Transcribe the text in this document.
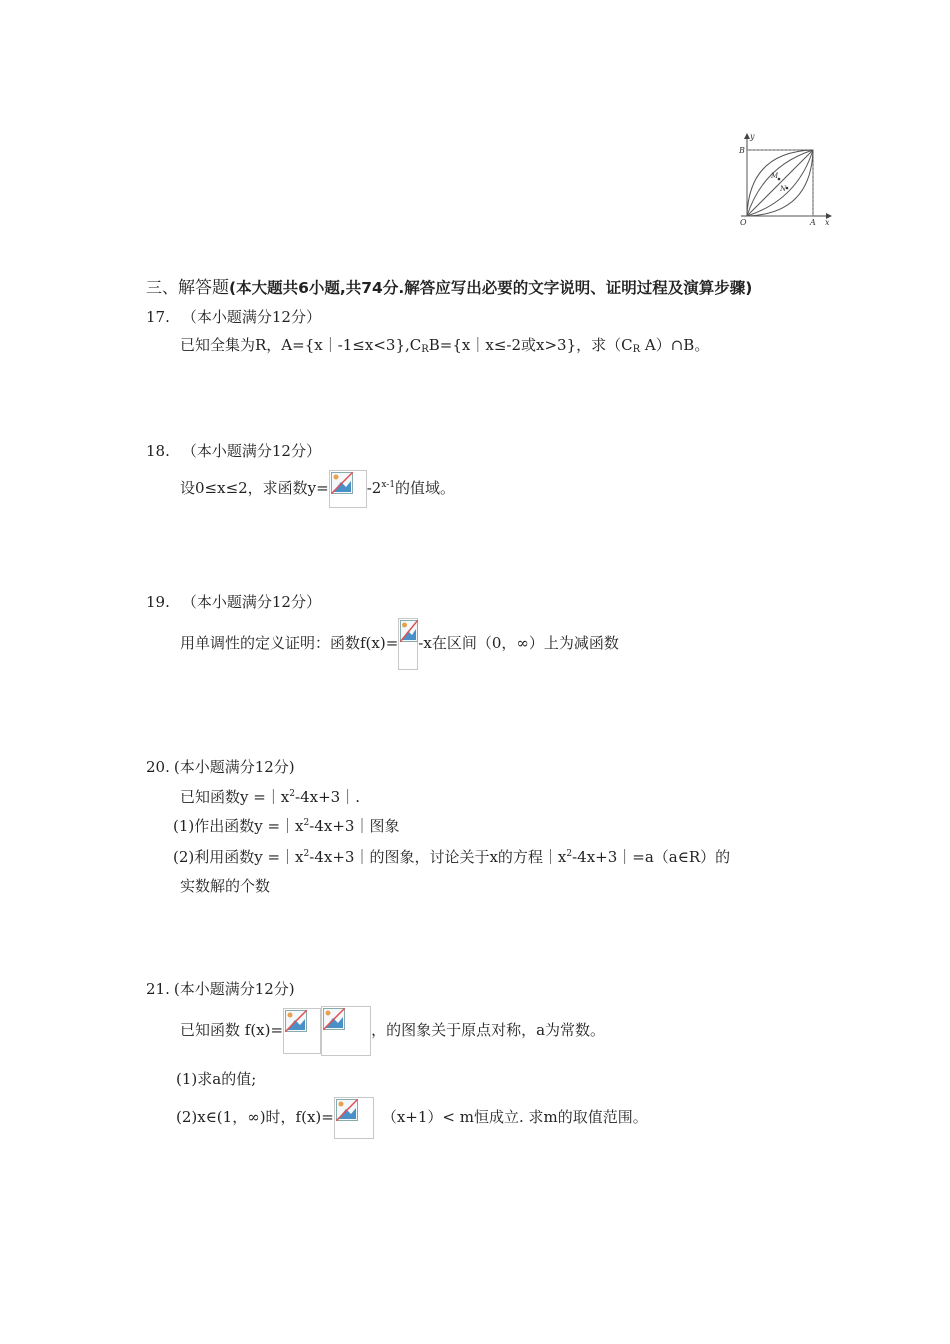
y
x
O
B
A
M
N
三、解答题(本大题共6小题,共74分.解答应写出必要的文字说明、证明过程及演算步骤)
17. （本小题满分12分）
已知全集为R，$A=\{x|-1\le x<3\},C_RB=\{x|x\le-2$或x>3}，求（$C_R$ A）∩B。
18. （本小题满分12分）
设0≤x≤2，求函数y=	$-2^{x-1}$的值域。
19. （本小题满分12分）
用单调性的定义证明：函数f(x)= -x在区间（0，∞）上为减函数
20. (本小题满分12分)
已知函数$y =|x^2-4x+3|$.
(1)作出函数$y =|x^2-4x+3|$图象
(2)利用函数$y =|x^2-4x+3|$的图象，讨论关于x的方程$|x^2-4x+3|=a(a\in R)$的
实数解的个数
21. (本小题满分12分)
已知函数 f(x)=	，的图象关于原点对称，a为常数。
(1)求a的值;
(2)x∈(1，∞)时，f(x)=	（x+1）< m恒成立. 求m的取值范围。
